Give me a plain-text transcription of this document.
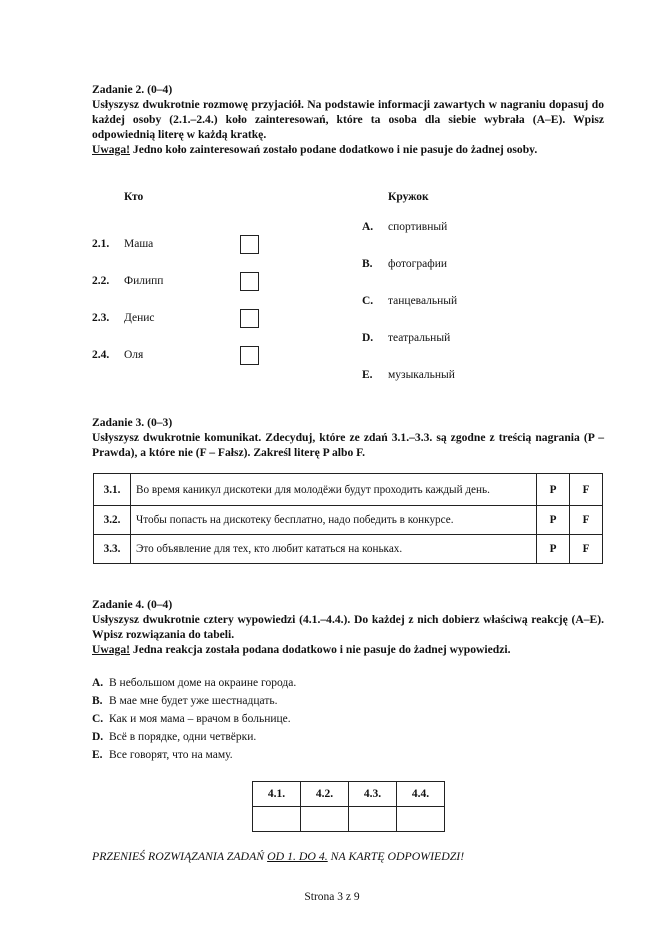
Zadanie 2. (0–4)
Usłyszysz dwukrotnie rozmowę przyjaciół. Na podstawie informacji zawartych w nagraniu dopasuj do każdej osoby (2.1.–2.4.) koło zainteresowań, które ta osoba dla siebie wybrała (A–E). Wpisz odpowiednią literę w każdą kratkę.
Uwaga! Jedno koło zainteresowań zostało podane dodatkowo i nie pasuje do żadnej osoby.
Кто	Кружок
2.1. Маша
2.2. Филипп
2.3. Денис
2.4. Оля
A. спортивный
B. фотографии
C. танцевальный
D. театральный
E. музыкальный
Zadanie 3. (0–3)
Usłyszysz dwukrotnie komunikat. Zdecyduj, które ze zdań 3.1.–3.3. są zgodne z treścią nagrania (P – Prawda), a które nie (F – Fałsz). Zakreśl literę P albo F.
3.1.	Во время каникул дискотеки для молодёжи будут проходить каждый день.	P	F
3.2.	Чтобы попасть на дискотеку бесплатно, надо победить в конкурсе.	P	F
3.3.	Это объявление для тех, кто любит кататься на коньках.	P	F
Zadanie 4. (0–4)
Usłyszysz dwukrotnie cztery wypowiedzi (4.1.–4.4.). Do każdej z nich dobierz właściwą reakcję (A–E). Wpisz rozwiązania do tabeli.
Uwaga! Jedna reakcja została podana dodatkowo i nie pasuje do żadnej wypowiedzi.
A. В небольшом доме на окраине города.
B. В мае мне будет уже шестнадцать.
C. Как и моя мама – врачом в больнице.
D. Всё в порядке, одни четвёрки.
E. Все говорят, что на маму.
4.1.	4.2.	4.3.	4.4.

PRZENIEŚ ROZWIĄZANIA ZADAŃ OD 1. DO 4. NA KARTĘ ODPOWIEDZI!
Strona 3 z 9
